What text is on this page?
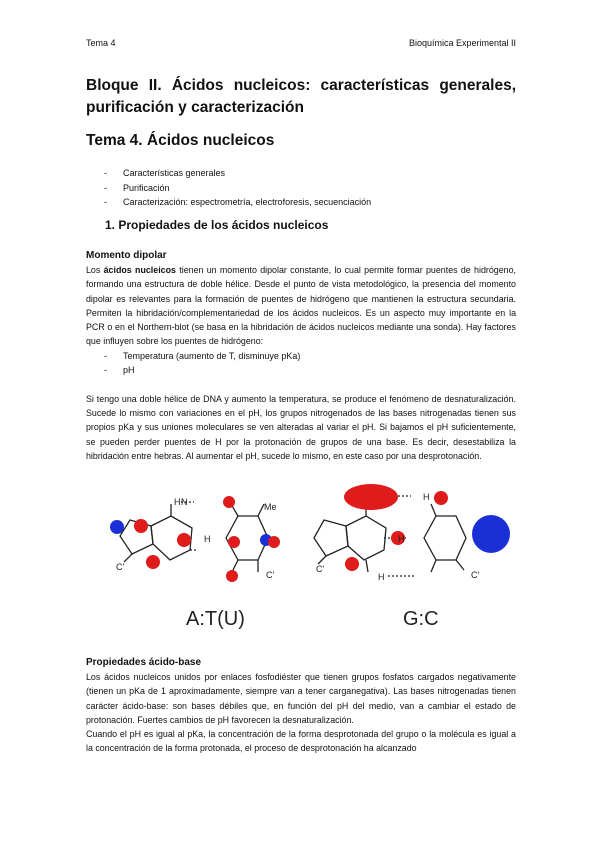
Tema 4	Bioquímica Experimental II
Bloque II. Ácidos nucleicos: características generales, purificación y caracterización
Tema 4. Ácidos nucleicos
- Características generales
- Purificación
- Caracterización: espectrometría, electroforesis, secuenciación
1. Propiedades de los ácidos nucleicos
Momento dipolar

Los ácidos nucleicos tienen un momento dipolar constante, lo cual permite formar puentes de hidrógeno, formando una estructura de doble hélice. Desde el punto de vista metodológico, la presencia del momento dipolar es relevantes para la formación de puentes de hidrógeno que mantienen la estructura secundaria. Permiten la hibridación/complementariedad de los ácidos nucleicos. Es un aspecto muy importante en la PCR o en el Northern-blot (se basa en la hibridación de ácidos nucleicos mediante una sonda). Hay factores que influyen sobre los puentes de hidrógeno:

- Temperatura (aumento de T, disminuye pKa)
- pH

Si tengo una doble hélice de DNA y aumento la temperatura, se produce el fenómeno de desnaturalización. Sucede lo mismo con variaciones en el pH, los grupos nitrogenados de las bases nitrogenadas tienen sus propios pKa y sus uniones moleculares se ven alteradas al variar el pH. Si bajamos el pH suficientemente, se pueden perder puentes de H por la protonación de grupos de una base. Es decir, desestabiliza la hibridación entre hebras. Al aumentar el pH, sucede lo mismo, en este caso por una desprotonación.

N
H	Me
H
C'
C'
H
H
H
C'
C'
A:T(U)	G:C
Propiedades ácido-base

Los ácidos nucleicos unidos por enlaces fosfodiéster que tienen grupos fosfatos cargados negativamente (tienen un pKa de 1 aproximadamente, siempre van a tener carganegativa). Las bases nitrogenadas tienen carácter ácido-base: son bases débiles que, en función del pH del medio, van a cambiar el estado de protonación. Fuertes cambios de pH favorecen la desnaturalización.

Cuando el pH es igual al pKa, la concentración de la forma desprotonada del grupo o la molécula es igual a la concentración de la forma protonada, el proceso de desprotonación ha alcanzado
